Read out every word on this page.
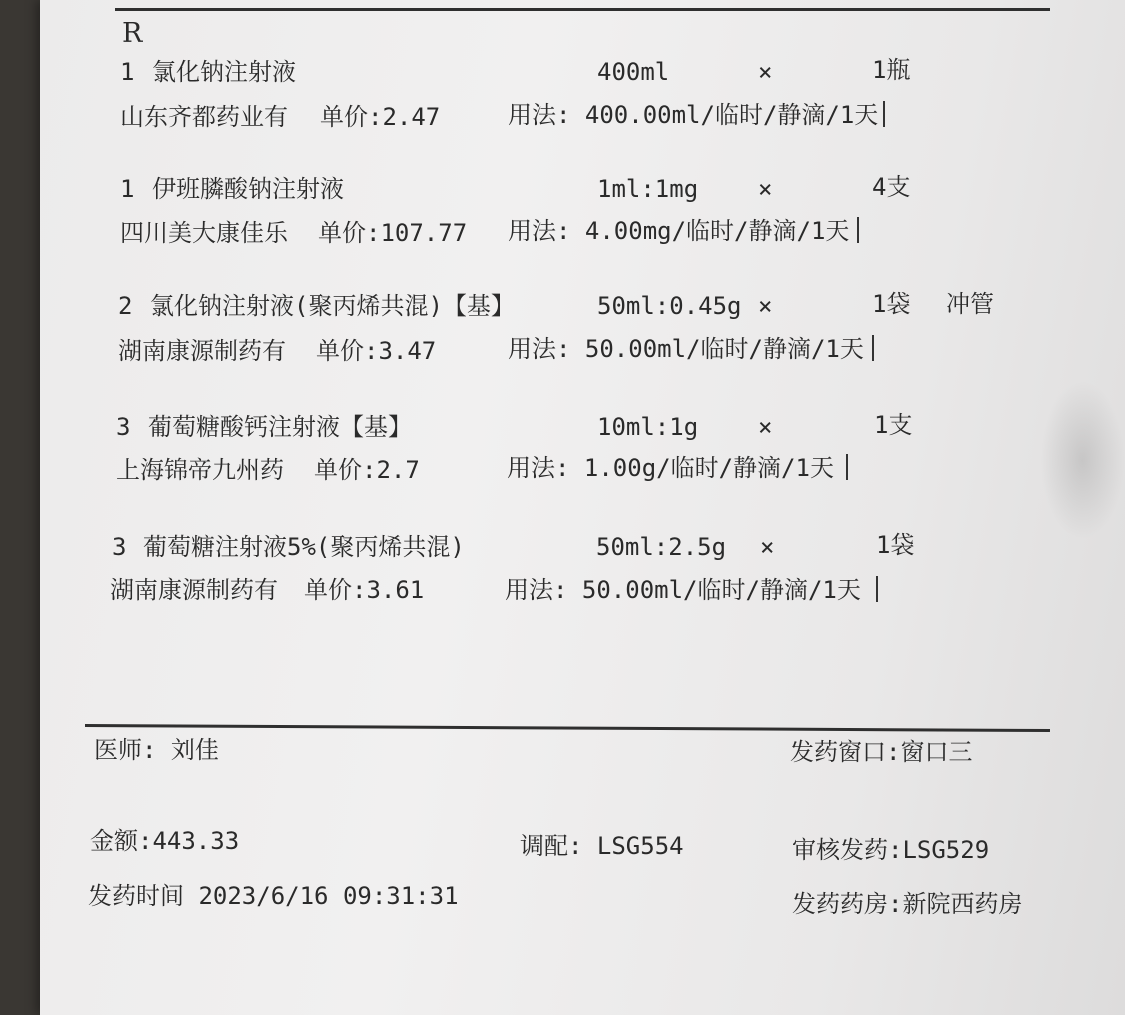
R
1 氯化钠注射液	400ml	×	1瓶
山东齐都药业有 单价:2.47	用法: 400.00ml/临时/静滴/1天
1 伊班膦酸钠注射液	1ml:1mg ×	4支
四川美大康佳乐 单价:107.77 用法: 4.00mg/临时/静滴/1天
2 氯化钠注射液(聚丙烯共混)【基】	50ml:0.45g ×	1袋 冲管
湖南康源制药有 单价:3.47	用法: 50.00ml/临时/静滴/1天
3 葡萄糖酸钙注射液【基】	10ml:1g ×	1支
上海锦帝九州药 单价:2.7	用法: 1.00g/临时/静滴/1天
3 葡萄糖注射液5%(聚丙烯共混)	50ml:2.5g ×	1袋
湖南康源制药有 单价:3.61	用法: 50.00ml/临时/静滴/1天
医师: 刘佳	发药窗口:窗口三
金额:443.33	调配: LSG554	审核发药:LSG529
发药时间 2023/6/16 09:31:31	发药药房:新院西药房
